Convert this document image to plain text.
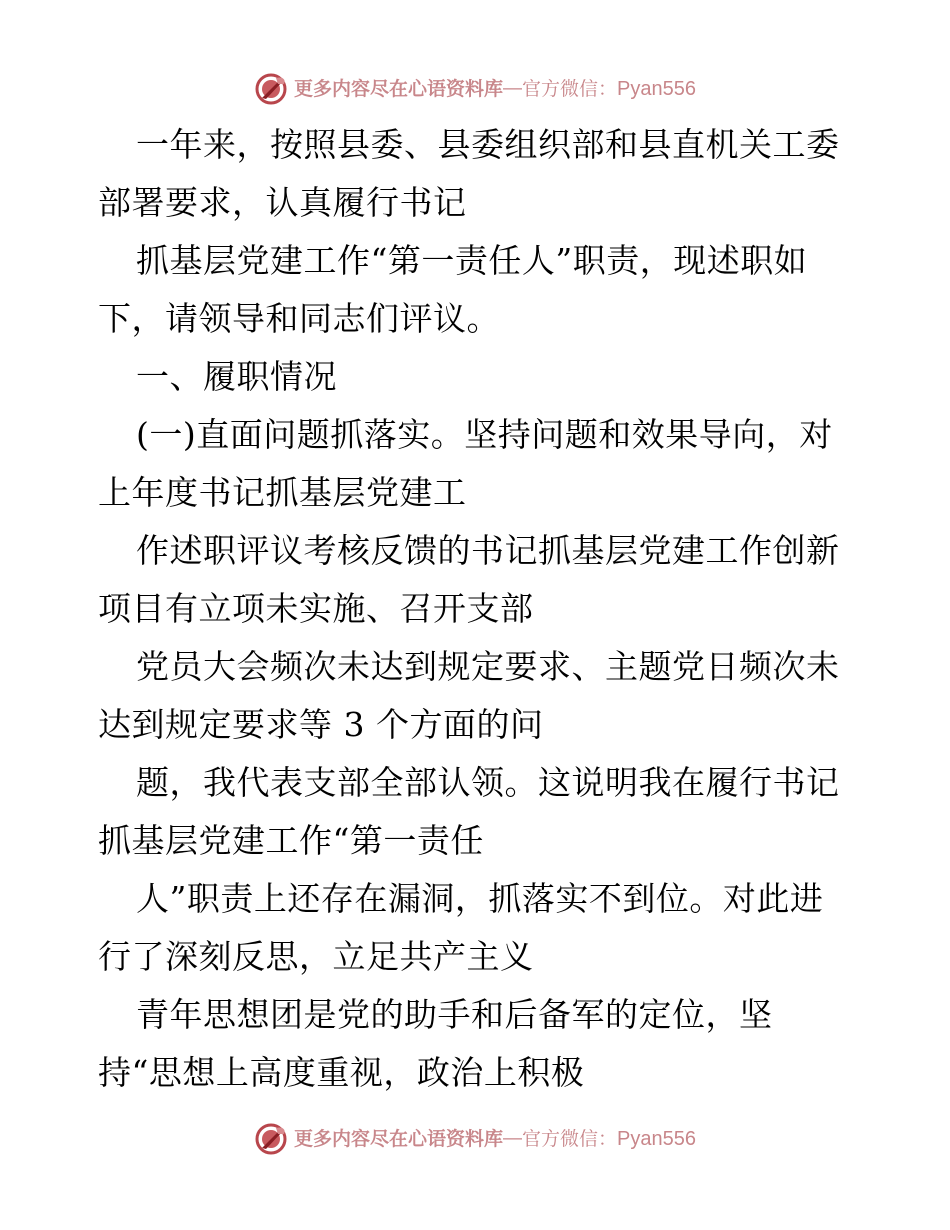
更多内容尽在心语资料库 — 官方微信： Pyan556
一年来，按照县委、县委组织部和县直机关工委
部署要求，认真履行书记
抓基层党建工作“第一责任人”职责，现述职如
下，请领导和同志们评议。
一、履职情况
(一)直面问题抓落实。坚持问题和效果导向，对
上年度书记抓基层党建工
作述职评议考核反馈的书记抓基层党建工作创新
项目有立项未实施、召开支部
党员大会频次未达到规定要求、主题党日频次未
达到规定要求等 3 个方面的问
题，我代表支部全部认领。这说明我在履行书记
抓基层党建工作“第一责任
人”职责上还存在漏洞，抓落实不到位。对此进
行了深刻反思，立足共产主义
青年思想团是党的助手和后备军的定位，坚
持“思想上高度重视，政治上积极
更多内容尽在心语资料库 — 官方微信： Pyan556
